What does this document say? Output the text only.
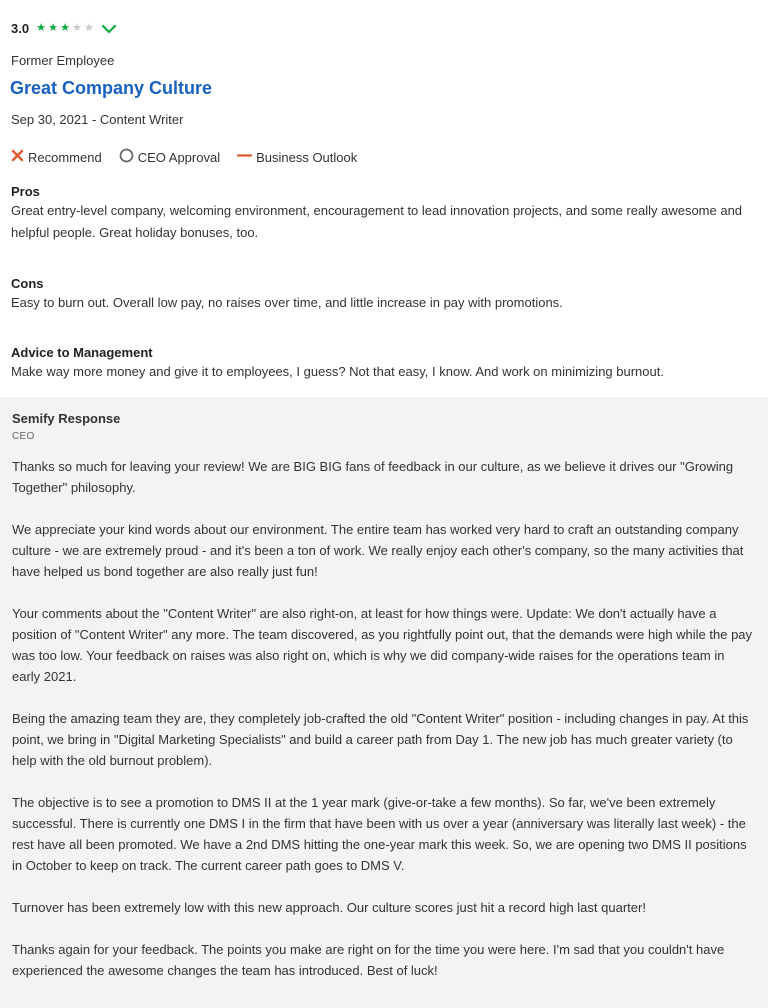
3.0 ★ ★ ★ ★ ★
Former Employee
Great Company Culture
Sep 30, 2021 - Content Writer
Recommend	CEO Approval	Business Outlook
Pros
Great entry-level company, welcoming environment, encouragement to lead innovation projects, and some really awesome and helpful people. Great holiday bonuses, too.
Cons
Easy to burn out. Overall low pay, no raises over time, and little increase in pay with promotions.
Advice to Management
Make way more money and give it to employees, I guess? Not that easy, I know. And work on minimizing burnout.
Semify Response
CEO
Thanks so much for leaving your review! We are BIG BIG fans of feedback in our culture, as we believe it drives our "Growing Together" philosophy.
We appreciate your kind words about our environment. The entire team has worked very hard to craft an outstanding company culture - we are extremely proud - and it's been a ton of work. We really enjoy each other's company, so the many activities that have helped us bond together are also really just fun!
Your comments about the "Content Writer" are also right-on, at least for how things were. Update: We don't actually have a position of "Content Writer" any more. The team discovered, as you rightfully point out, that the demands were high while the pay was too low. Your feedback on raises was also right on, which is why we did company-wide raises for the operations team in early 2021.
Being the amazing team they are, they completely job-crafted the old "Content Writer" position - including changes in pay. At this point, we bring in "Digital Marketing Specialists" and build a career path from Day 1. The new job has much greater variety (to help with the old burnout problem).
The objective is to see a promotion to DMS II at the 1 year mark (give-or-take a few months). So far, we've been extremely successful. There is currently one DMS I in the firm that have been with us over a year (anniversary was literally last week) - the rest have all been promoted. We have a 2nd DMS hitting the one-year mark this week. So, we are opening two DMS II positions in October to keep on track. The current career path goes to DMS V.
Turnover has been extremely low with this new approach. Our culture scores just hit a record high last quarter!
Thanks again for your feedback. The points you make are right on for the time you were here. I'm sad that you couldn't have experienced the awesome changes the team has introduced. Best of luck!
